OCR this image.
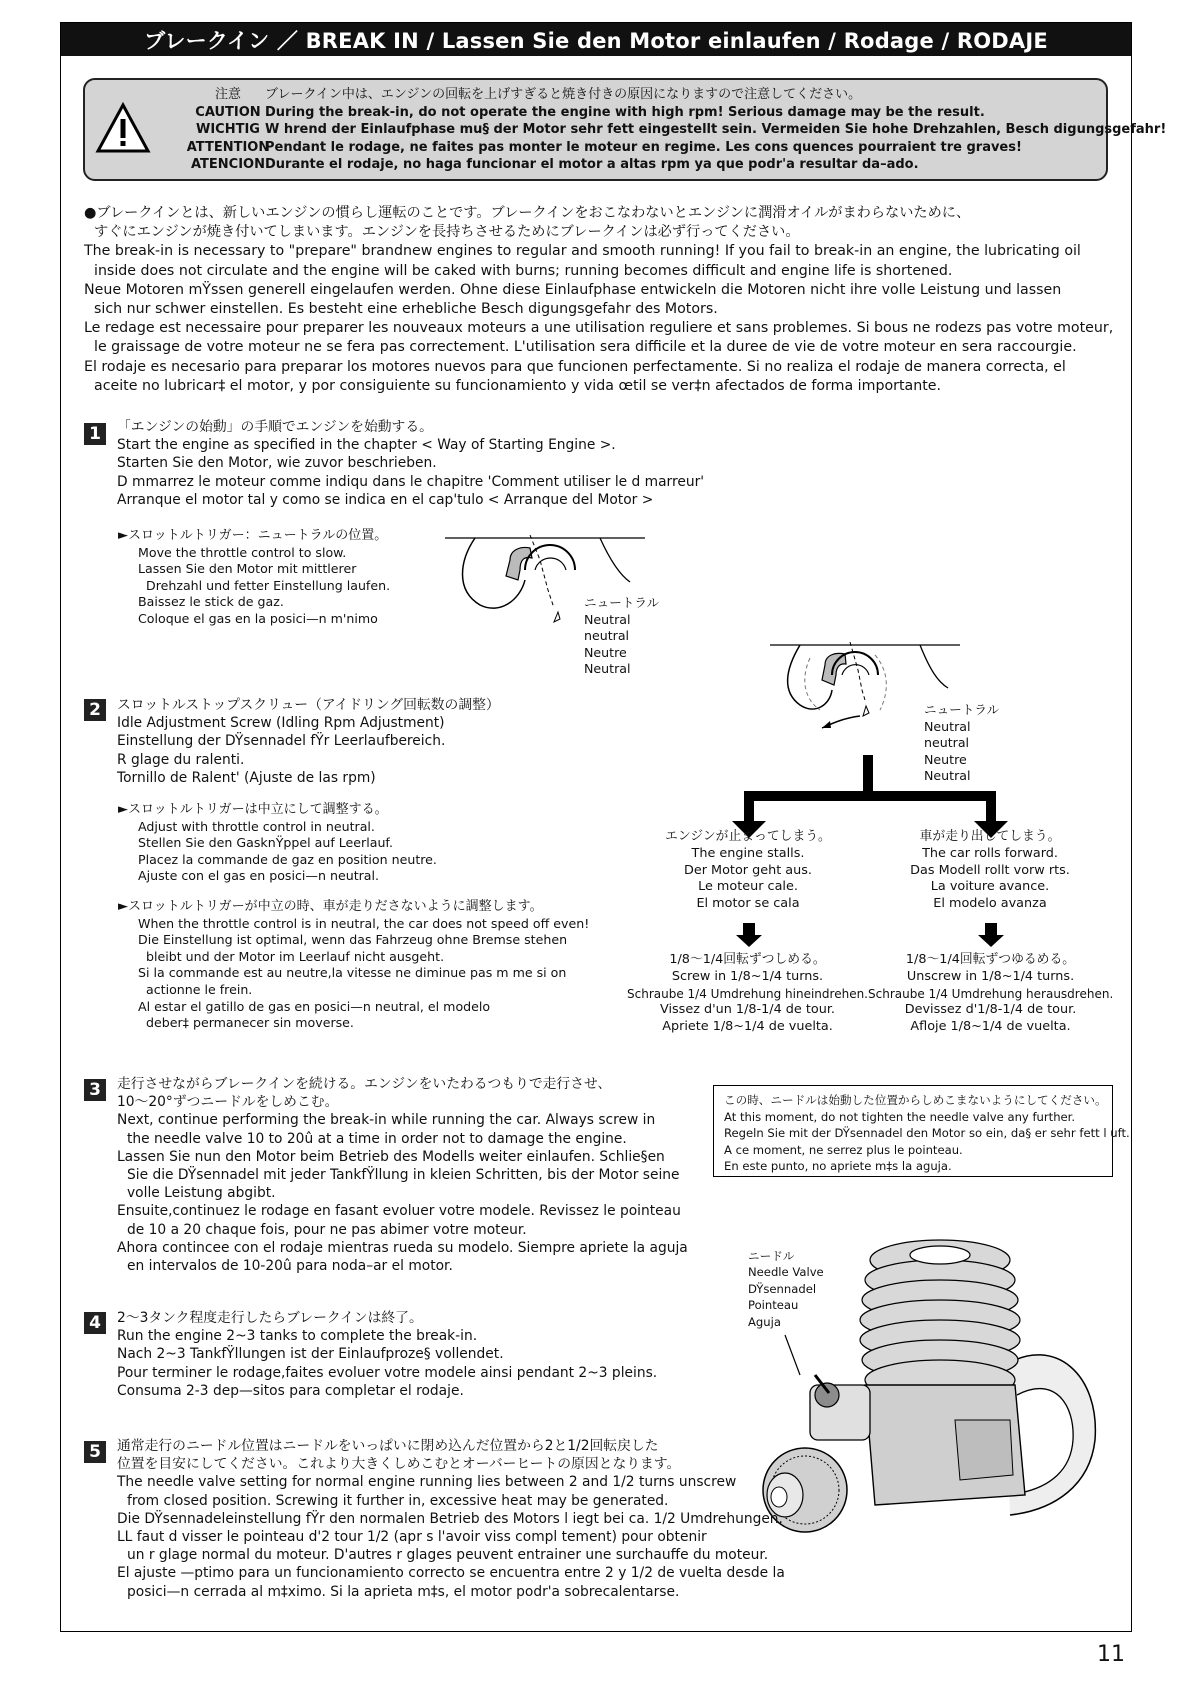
ブレークイン ／ BREAK IN / Lassen Sie den Motor einlaufen / Rodage / RODAJE
注意
CAUTION
WICHTIG
ATTENTION
ATENCION
ブレークイン中は、エンジンの回転を上げすぎると焼き付きの原因になりますので注意してください。
During the break-in, do not operate the engine with high rpm! Serious damage may be the result.
W hrend der Einlaufphase mu§ der Motor sehr fett eingestellt sein. Vermeiden Sie hohe Drehzahlen, Besch digungsgefahr!
Pendant le rodage, ne faites pas monter le moteur en regime. Les cons quences pourraient tre graves!
Durante el rodaje, no haga funcionar el motor a altas rpm ya que podr'a resultar da–ado.

●ブレークインとは、新しいエンジンの慣らし運転のことです。ブレークインをおこなわないとエンジンに潤滑オイルがまわらないために、

すぐにエンジンが焼き付いてしまいます。エンジンを長持ちさせるためにブレークインは必ず行ってください。

The break-in is necessary to "prepare" brandnew engines to regular and smooth running! If you fail to break-in an engine, the lubricating oil

inside does not circulate and the engine will be caked with burns; running becomes difficult and engine life is shortened.

Neue Motoren mŸssen generell eingelaufen werden. Ohne diese Einlaufphase entwickeln die Motoren nicht ihre volle Leistung und lassen

sich nur schwer einstellen. Es besteht eine erhebliche Besch digungsgefahr des Motors.

Le redage est necessaire pour preparer les nouveaux moteurs a une utilisation reguliere et sans problemes. Si bous ne rodezs pas votre moteur,

le graissage de votre moteur ne se fera pas correctement. L'utilisation sera difficile et la duree de vie de votre moteur en sera raccourgie.

El rodaje es necesario para preparar los motores nuevos para que funcionen perfectamente. Si no realiza el rodaje de manera correcta, el

aceite no lubricar‡ el motor, y por consiguiente su funcionamiento y vida œtil se ver‡n afectados de forma importante.

1	「エンジンの始動」の手順でエンジンを始動する。

Start the engine as specified in the chapter < Way of Starting Engine >.

Starten Sie den Motor, wie zuvor beschrieben.

D mmarrez le moteur comme indiqu dans le chapitre 'Comment utiliser le d marreur'

Arranque el motor tal y como se indica en el cap'tulo < Arranque del Motor >

►スロットルトリガー：ニュートラルの位置。

Move the throttle control to slow.

Lassen Sie den Motor mit mittlerer

Drehzahl und fetter Einstellung laufen.

Baissez le stick de gaz.

Coloque el gas en la posici—n m'nimo

ニュートラル

Neutral

neutral

Neutre

Neutral

2	スロットルストップスクリュー（アイドリング回転数の調整）

Idle Adjustment Screw (Idling Rpm Adjustment)

Einstellung der DŸsennadel fŸr Leerlaufbereich.

R glage du ralenti.

Tornillo de Ralent' (Ajuste de las rpm)

►スロットルトリガーは中立にして調整する。

Adjust with throttle control in neutral.

Stellen Sie den GasknŸppel auf Leerlauf.

Placez la commande de gaz en position neutre.

Ajuste con el gas en posici—n neutral.

►スロットルトリガーが中立の時、車が走りださないように調整します。

When the throttle control is in neutral, the car does not speed off even!

Die Einstellung ist optimal, wenn das Fahrzeug ohne Bremse stehen

bleibt und der Motor im Leerlauf nicht ausgeht.

Si la commande est au neutre,la vitesse ne diminue pas m me si on

actionne le frein.

Al estar el gatillo de gas en posici—n neutral, el modelo

deber‡ permanecer sin moverse.

ニュートラル

Neutral

neutral

Neutre

Neutral

エンジンが止まってしまう。

The engine stalls.

Der Motor geht aus.

Le moteur cale.

El motor se cala

車が走り出してしまう。

The car rolls forward.

Das Modell rollt vorw rts.

La voiture avance.

El modelo avanza

1/8〜1/4回転ずつしめる。

Screw in 1/8~1/4 turns.

Schraube 1/4 Umdrehung hineindrehen.

Vissez d'un 1/8-1/4 de tour.

Apriete 1/8~1/4 de vuelta.

1/8〜1/4回転ずつゆるめる。

Unscrew in 1/8~1/4 turns.

Schraube 1/4 Umdrehung herausdrehen.

Devissez d'1/8-1/4 de tour.

Afloje 1/8~1/4 de vuelta.

3	走行させながらブレークインを続ける。エンジンをいたわるつもりで走行させ、

10〜20°ずつニードルをしめこむ。

Next, continue performing the break-in while running the car. Always screw in

the needle valve 10 to 20û at a time in order not to damage the engine.

Lassen Sie nun den Motor beim Betrieb des Modells weiter einlaufen. Schlie§en

Sie die DŸsennadel mit jeder TankfŸllung in kleien Schritten, bis der Motor seine

volle Leistung abgibt.

Ensuite,continuez le rodage en fasant evoluer votre modele. Revissez le pointeau

de 10 a 20 chaque fois, pour ne pas abimer votre moteur.

Ahora contincee con el rodaje mientras rueda su modelo. Siempre apriete la aguja

en intervalos de 10-20û para noda–ar el motor.

この時、ニードルは始動した位置からしめこまないようにしてください。

At this moment, do not tighten the needle valve any further.

Regeln Sie mit der DŸsennadel den Motor so ein, da§ er sehr fett l uft.

A ce moment, ne serrez plus le pointeau.

En este punto, no apriete m‡s la aguja.

ニードル

Needle Valve

DŸsennadel

Pointeau

Aguja

4	2〜3タンク程度走行したらブレークインは終了。

Run the engine 2~3 tanks to complete the break-in.

Nach 2~3 TankfŸllungen ist der Einlaufproze§ vollendet.

Pour terminer le rodage,faites evoluer votre modele ainsi pendant 2~3 pleins.

Consuma 2-3 dep—sitos para completar el rodaje.

5	通常走行のニードル位置はニードルをいっぱいに閉め込んだ位置から2と1/2回転戻した

位置を目安にしてください。これより大きくしめこむとオーバーヒートの原因となります。

The needle valve setting for normal engine running lies between 2 and 1/2 turns unscrew

from closed position. Screwing it further in, excessive heat may be generated.

Die DŸsennadeleinstellung fŸr den normalen Betrieb des Motors l iegt bei ca. 1/2 Umdrehungen.

LL faut d visser le pointeau d'2 tour 1/2 (apr s l'avoir viss compl tement) pour obtenir

un r glage normal du moteur. D'autres r glages peuvent entrainer une surchauffe du moteur.

El ajuste —ptimo para un funcionamiento correcto se encuentra entre 2 y 1/2 de vuelta desde la

posici—n cerrada al m‡ximo. Si la aprieta m‡s, el motor podr'a sobrecalentarse.

11
